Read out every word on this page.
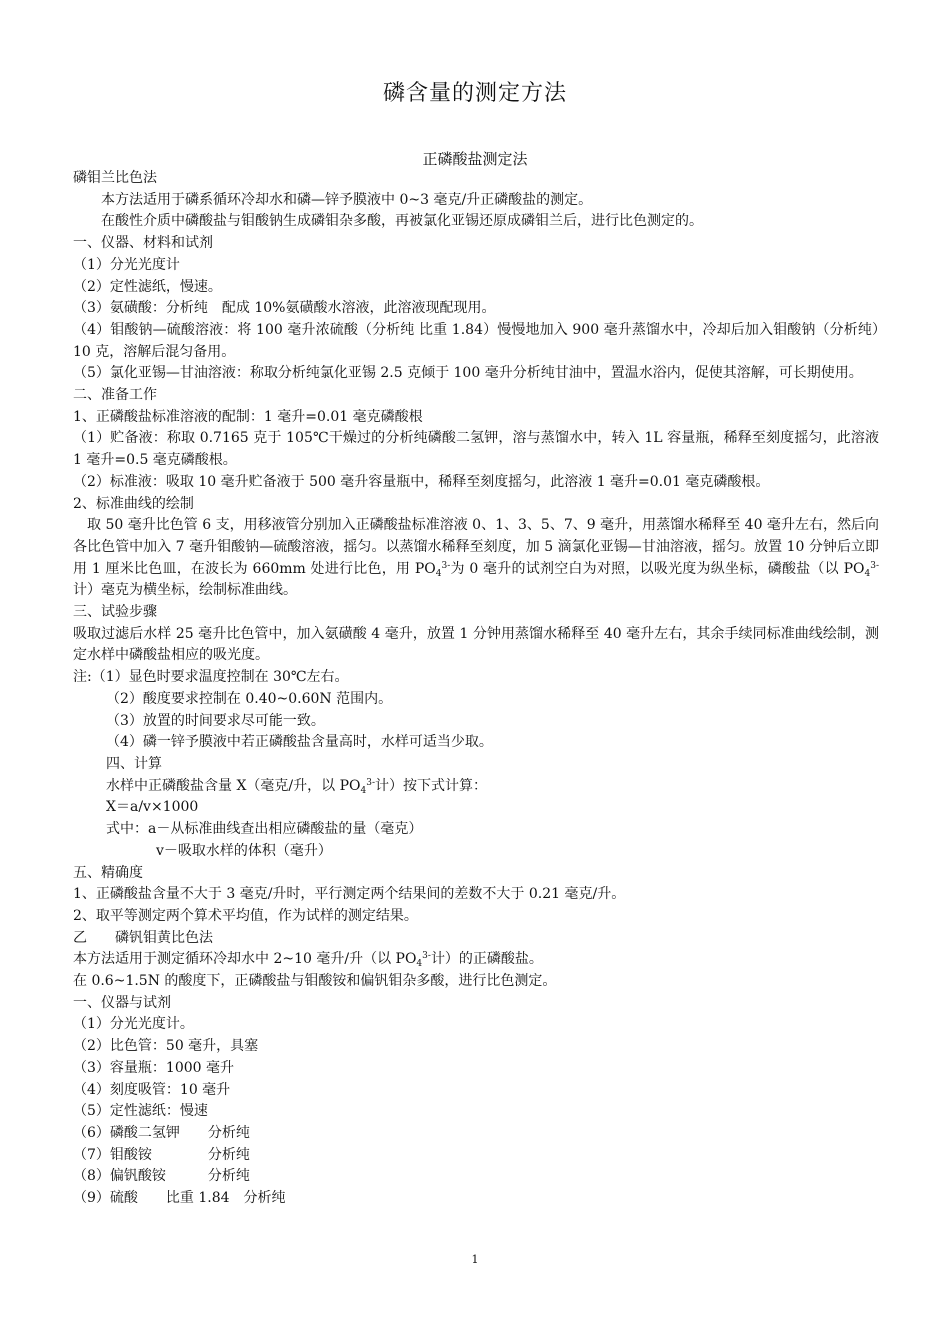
磷含量的测定方法
正磷酸盐测定法

磷钼兰比色法

本方法适用于磷系循环冷却水和磷—锌予膜液中 0~3 毫克/升正磷酸盐的测定。

在酸性介质中磷酸盐与钼酸钠生成磷钼杂多酸，再被氯化亚锡还原成磷钼兰后，进行比色测定的。

一、仪器、材料和试剂

（1）分光光度计

（2）定性滤纸，慢速。

（3）氨磺酸：分析纯　配成 10%氨磺酸水溶液，此溶液现配现用。

（4）钼酸钠—硫酸溶液：将 100 毫升浓硫酸（分析纯 比重 1.84）慢慢地加入 900 毫升蒸馏水中，冷却后加入钼酸钠（分析纯）10 克，溶解后混匀备用。

（5）氯化亚锡—甘油溶液：称取分析纯氯化亚锡 2.5 克倾于 100 毫升分析纯甘油中，置温水浴内，促使其溶解，可长期使用。

二、准备工作

1、正磷酸盐标准溶液的配制：1 毫升=0.01 毫克磷酸根

（1）贮备液：称取 0.7165 克于 105℃干燥过的分析纯磷酸二氢钾，溶与蒸馏水中，转入 1L 容量瓶，稀释至刻度摇匀，此溶液 1 毫升=0.5 毫克磷酸根。

（2）标准液：吸取 10 毫升贮备液于 500 毫升容量瓶中，稀释至刻度摇匀，此溶液 1 毫升=0.01 毫克磷酸根。

2、标准曲线的绘制

取 50 毫升比色管 6 支，用移液管分别加入正磷酸盐标准溶液 0、1、3、5、7、9 毫升，用蒸馏水稀释至 40 毫升左右，然后向各比色管中加入 7 毫升钼酸钠—硫酸溶液，摇匀。以蒸馏水稀释至刻度，加 5 滴氯化亚锡—甘油溶液，摇匀。放置 10 分钟后立即用 1 厘米比色皿，在波长为 660mm 处进行比色，用 $PO_4^{3-}$为 0 毫升的试剂空白为对照，以吸光度为纵坐标，磷酸盐（以 $PO_4^{3-}$计）毫克为横坐标，绘制标准曲线。

三、试验步骤

吸取过滤后水样 25 毫升比色管中，加入氨磺酸 4 毫升，放置 1 分钟用蒸馏水稀释至 40 毫升左右，其余手续同标准曲线绘制，测定水样中磷酸盐相应的吸光度。

注:（1）显色时要求温度控制在 30℃左右。

（2）酸度要求控制在 0.40~0.60N 范围内。

（3）放置的时间要求尽可能一致。

（4）磷一锌予膜液中若正磷酸盐含量高时，水样可适当少取。

四、计算

水样中正磷酸盐含量 X（毫克/升，以 $PO_4^{3-}$计）按下式计算：

X＝a/v×1000

式中：a－从标准曲线查出相应磷酸盐的量（毫克）

v－吸取水样的体积（毫升）

五、精确度

1、正磷酸盐含量不大于 3 毫克/升时，平行测定两个结果间的差数不大于 0.21 毫克/升。

2、取平等测定两个算术平均值，作为试样的测定结果。

乙　　磷钒钼黄比色法

本方法适用于测定循环冷却水中 2~10 毫升/升（以 $PO_4^{3-}$计）的正磷酸盐。

在 0.6~1.5N 的酸度下，正磷酸盐与钼酸铵和偏钒钼杂多酸，进行比色测定。

一、仪器与试剂

（1）分光光度计。

（2）比色管：50 毫升，具塞

（3）容量瓶：1000 毫升

（4）刻度吸管：10 毫升

（5）定性滤纸：慢速

（6）磷酸二氢钾　　分析纯

（7）钼酸铵　　　　分析纯

（8）偏钒酸铵　　　分析纯

（9）硫酸　　比重 1.84　分析纯

1
